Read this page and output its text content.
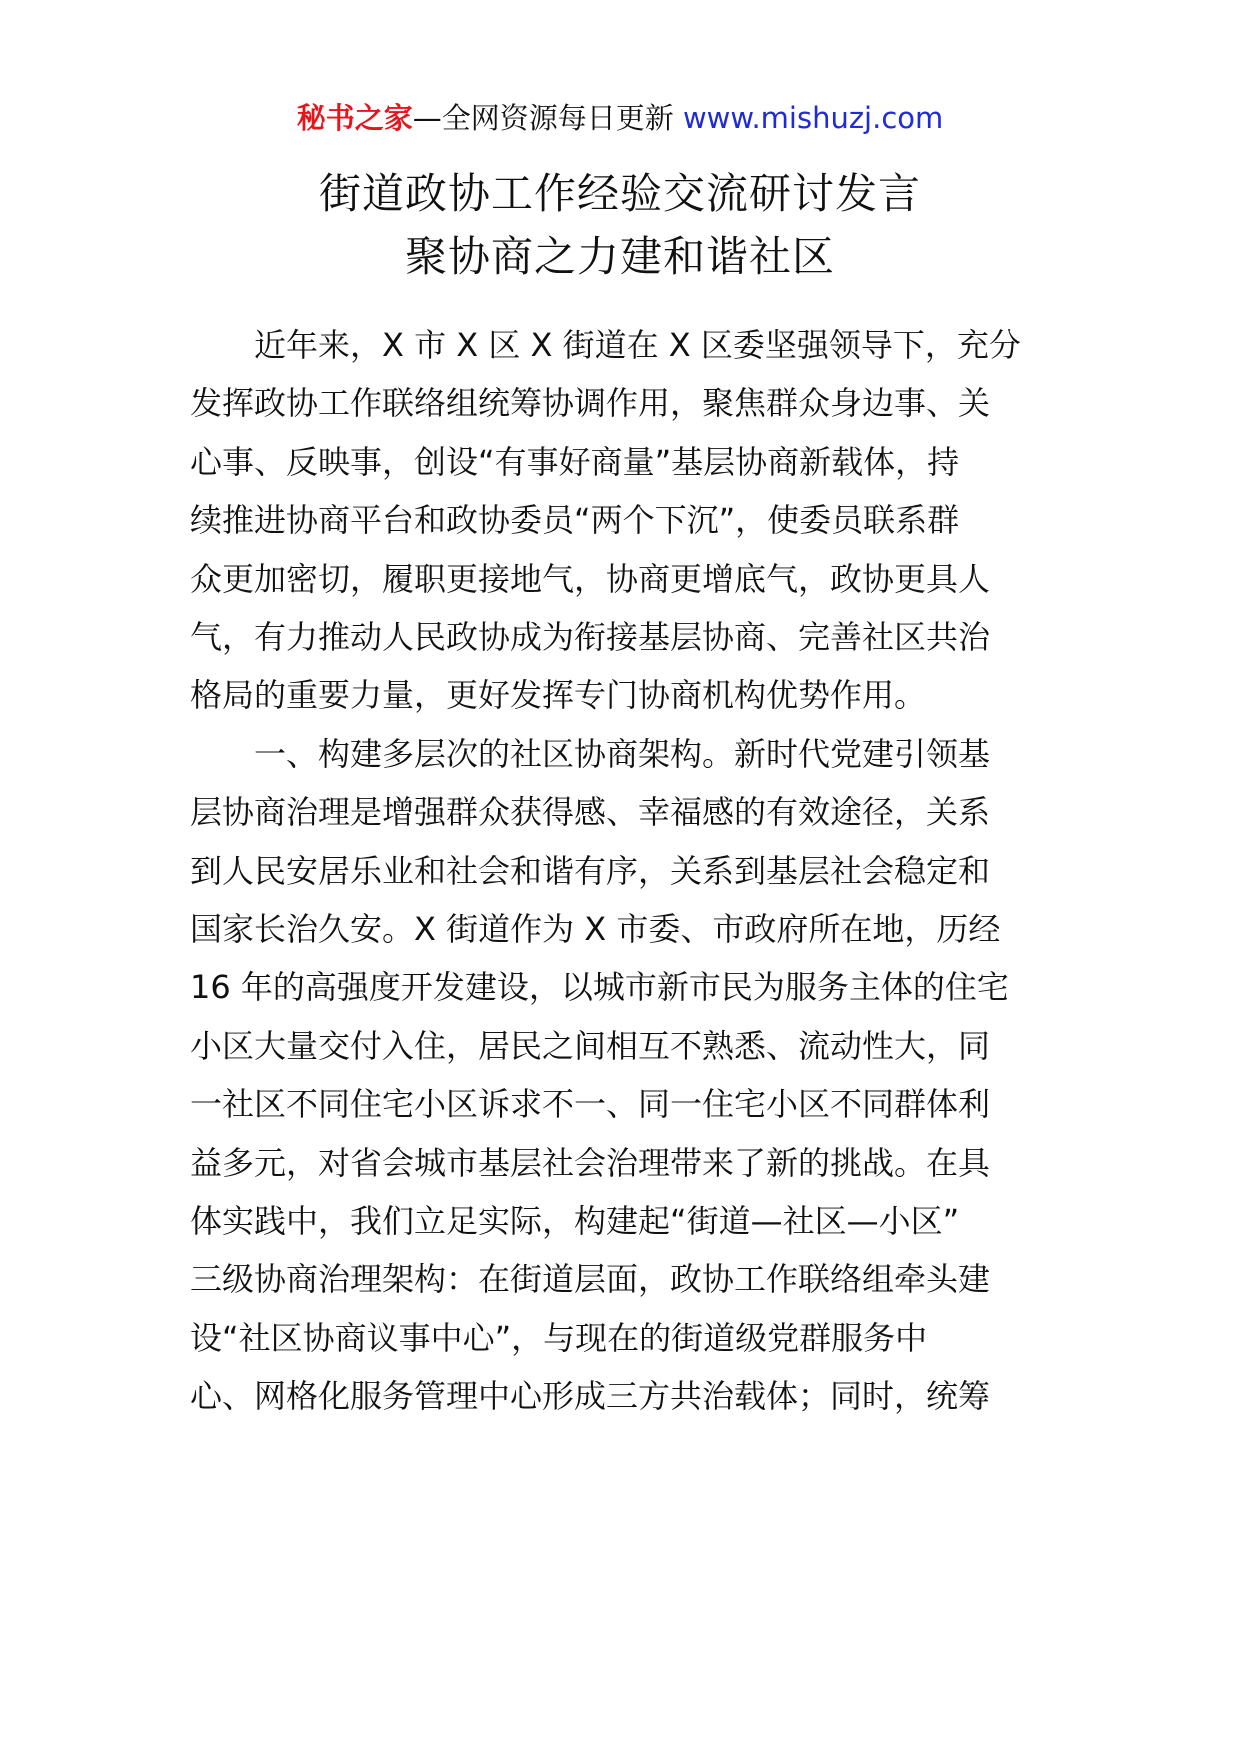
秘书之家—全网资源每日更新 www.mishuzj.com
街道政协工作经验交流研讨发言
聚协商之力建和谐社区
　　近年来，X 市 X 区 X 街道在 X 区委坚强领导下，充分
发挥政协工作联络组统筹协调作用，聚焦群众身边事、关
心事、反映事，创设“有事好商量”基层协商新载体，持
续推进协商平台和政协委员“两个下沉”，使委员联系群
众更加密切，履职更接地气，协商更增底气，政协更具人
气，有力推动人民政协成为衔接基层协商、完善社区共治
格局的重要力量，更好发挥专门协商机构优势作用。
　　一、构建多层次的社区协商架构。新时代党建引领基
层协商治理是增强群众获得感、幸福感的有效途径，关系
到人民安居乐业和社会和谐有序，关系到基层社会稳定和
国家长治久安。X 街道作为 X 市委、市政府所在地，历经
16 年的高强度开发建设，以城市新市民为服务主体的住宅
小区大量交付入住，居民之间相互不熟悉、流动性大，同
一社区不同住宅小区诉求不一、同一住宅小区不同群体利
益多元，对省会城市基层社会治理带来了新的挑战。在具
体实践中，我们立足实际，构建起“街道—社区—小区”
三级协商治理架构：在街道层面，政协工作联络组牵头建
设“社区协商议事中心”，与现在的街道级党群服务中
心、网格化服务管理中心形成三方共治载体；同时，统筹
